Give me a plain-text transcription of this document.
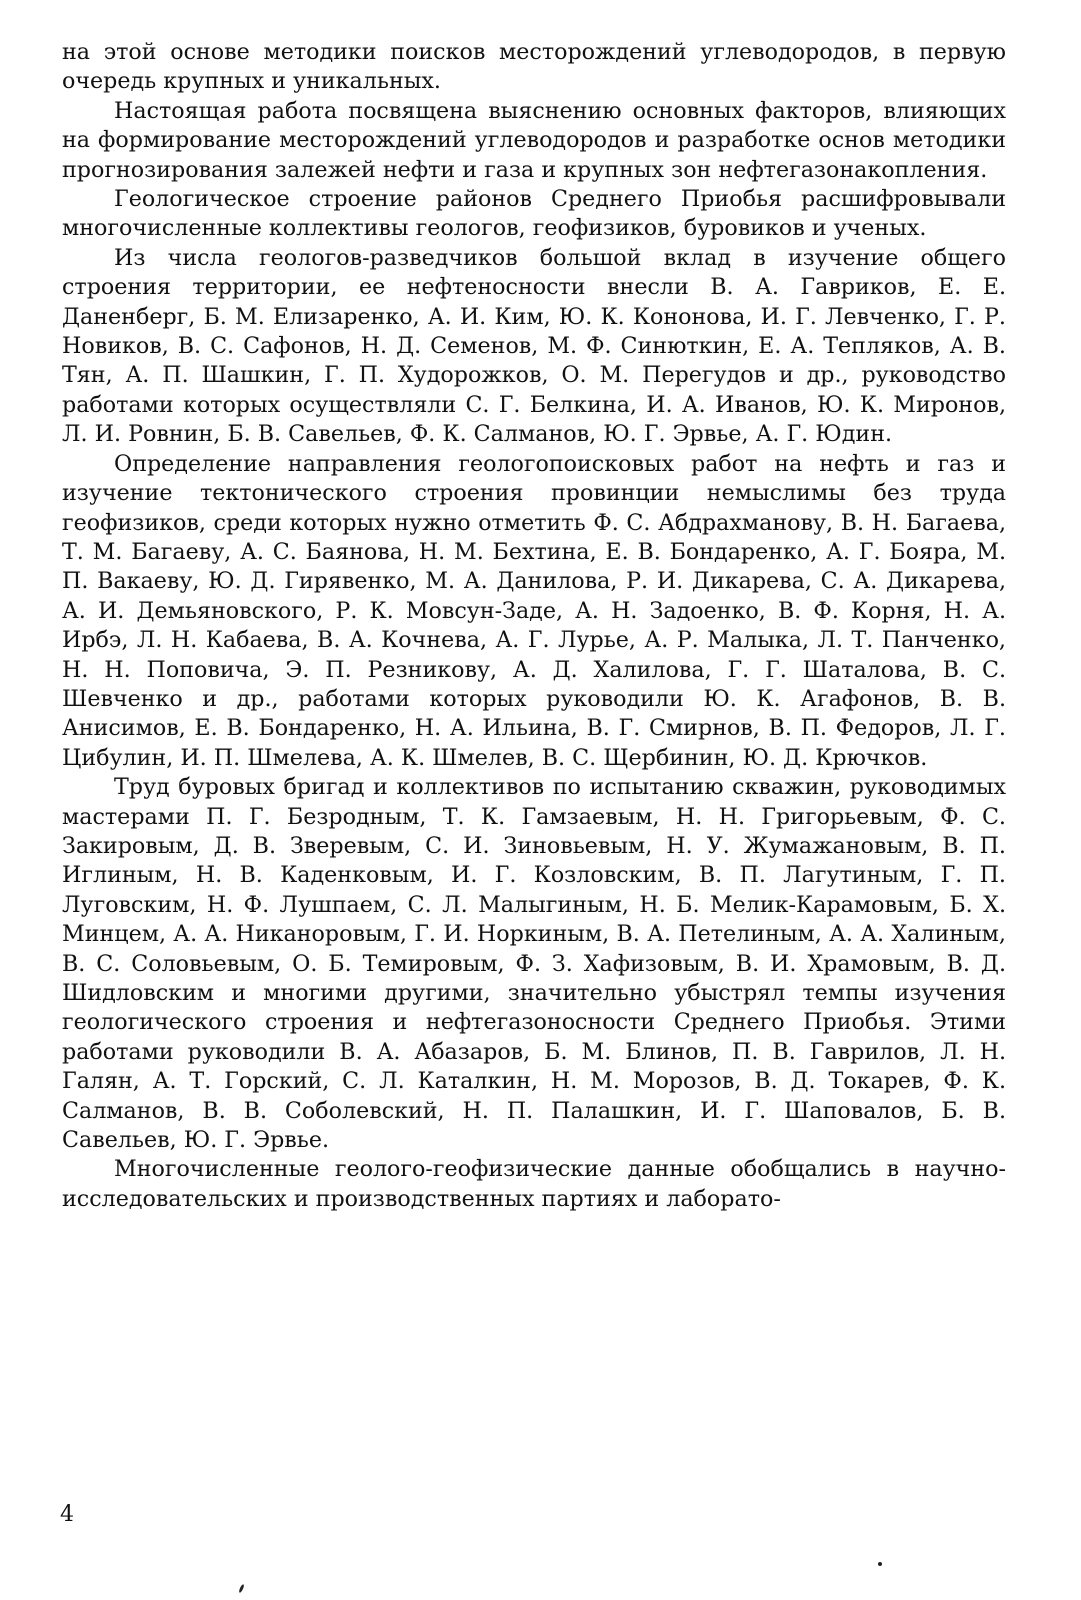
на этой основе методики поисков месторождений углеводородов, в первую очередь крупных и уникальных.

Настоящая работа посвящена выяснению основных факторов, влияющих на формирование месторождений углеводородов и разработке основ методики прогнозирования залежей нефти и газа и крупных зон нефтегазонакопления.

Геологическое строение районов Среднего Приобья расшифровывали многочисленные коллективы геологов, геофизиков, буровиков и ученых.

Из числа геологов-разведчиков большой вклад в изучение общего строения территории, ее нефтеносности внесли В. А. Гавриков, Е. Е. Даненберг, Б. М. Елизаренко, А. И. Ким, Ю. К. Кононова, И. Г. Левченко, Г. Р. Новиков, В. С. Сафонов, Н. Д. Семенов, М. Ф. Синюткин, Е. А. Тепляков, А. В. Тян, А. П. Шашкин, Г. П. Худорожков, О. М. Перегудов и др., руководство работами которых осуществляли С. Г. Белкина, И. А. Иванов, Ю. К. Миронов, Л. И. Ровнин, Б. В. Савельев, Ф. К. Салманов, Ю. Г. Эрвье, А. Г. Юдин.

Определение направления геологопоисковых работ на нефть и газ и изучение тектонического строения провинции немыслимы без труда геофизиков, среди которых нужно отметить Ф. С. Абдрахманову, В. Н. Багаева, Т. М. Багаеву, А. С. Баянова, Н. М. Бехтина, Е. В. Бондаренко, А. Г. Бояра, М. П. Вакаеву, Ю. Д. Гирявенко, М. А. Данилова, Р. И. Дикарева, С. А. Дикарева, А. И. Демьяновского, Р. К. Мовсун-Заде, А. Н. Задоенко, В. Ф. Корня, Н. А. Ирбэ, Л. Н. Кабаева, В. А. Кочнева, А. Г. Лурье, А. Р. Малыка, Л. Т. Панченко, Н. Н. Поповича, Э. П. Резникову, А. Д. Халилова, Г. Г. Шаталова, В. С. Шевченко и др., работами которых руководили Ю. К. Агафонов, В. В. Анисимов, Е. В. Бондаренко, Н. А. Ильина, В. Г. Смирнов, В. П. Федоров, Л. Г. Цибулин, И. П. Шмелева, А. К. Шмелев, В. С. Щербинин, Ю. Д. Крючков.

Труд буровых бригад и коллективов по испытанию скважин, руководимых мастерами П. Г. Безродным, Т. К. Гамзаевым, Н. Н. Григорьевым, Ф. С. Закировым, Д. В. Зверевым, С. И. Зиновьевым, Н. У. Жумажановым, В. П. Иглиным, Н. В. Каденковым, И. Г. Козловским, В. П. Лагутиным, Г. П. Луговским, Н. Ф. Лушпаем, С. Л. Малыгиным, Н. Б. Мелик-Карамовым, Б. Х. Минцем, А. А. Никаноровым, Г. И. Норкиным, В. А. Петелиным, А. А. Халиным, В. С. Соловьевым, О. Б. Темировым, Ф. З. Хафизовым, В. И. Храмовым, В. Д. Шидловским и многими другими, значительно убыстрял темпы изучения геологического строения и нефтегазоносности Среднего Приобья. Этими работами руководили В. А. Абазаров, Б. М. Блинов, П. В. Гаврилов, Л. Н. Галян, А. Т. Горский, С. Л. Каталкин, Н. М. Морозов, В. Д. Токарев, Ф. К. Салманов, В. В. Соболевский, Н. П. Палашкин, И. Г. Шаповалов, Б. В. Савельев, Ю. Г. Эрвье.

Многочисленные геолого-геофизические данные обобщались в научно-исследовательских и производственных партиях и лаборато-

4
